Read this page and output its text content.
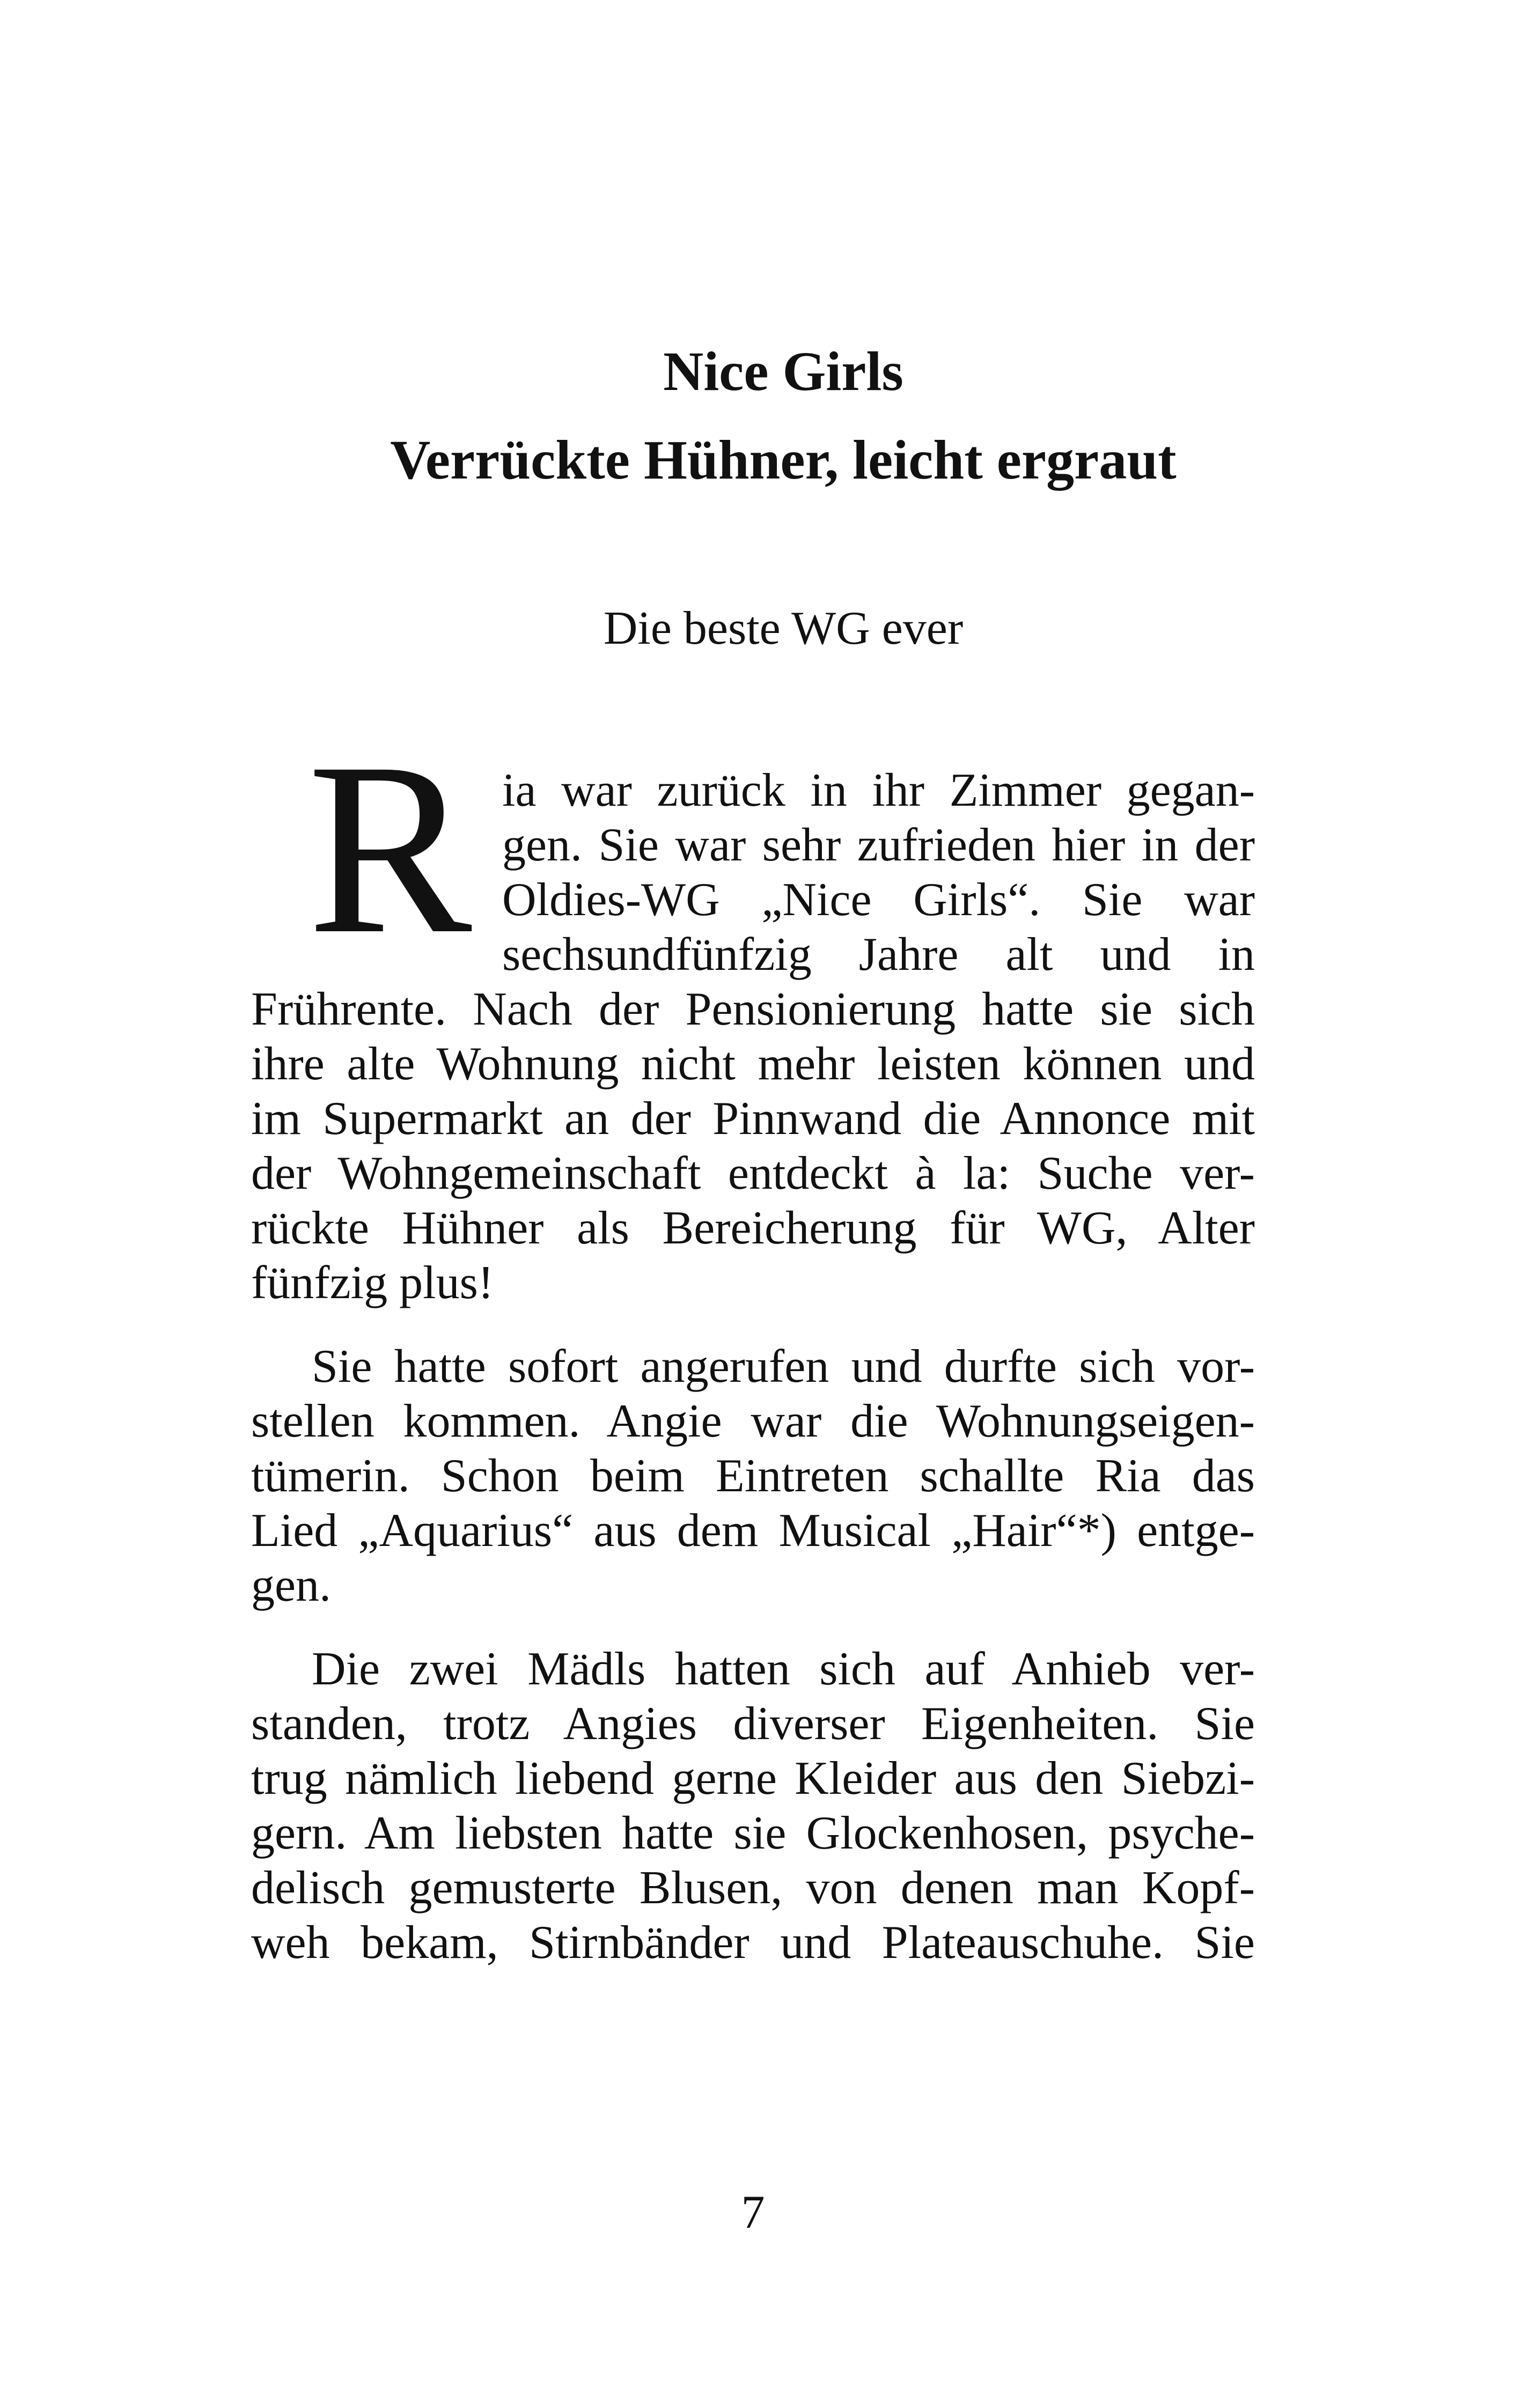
Nice Girls
Verrückte Hühner, leicht ergraut
Die beste WG ever
R ia war zurück in ihr Zimmer gegan-
gen. Sie war sehr zufrieden hier in der
Oldies-WG „Nice Girls“. Sie war
sechsundfünfzig Jahre alt und in
Frührente. Nach der Pensionierung hatte sie sich
ihre alte Wohnung nicht mehr leisten können und
im Supermarkt an der Pinnwand die Annonce mit
der Wohngemeinschaft entdeckt à la: Suche ver-
rückte Hühner als Bereicherung für WG, Alter
fünfzig plus!
Sie hatte sofort angerufen und durfte sich vor-
stellen kommen. Angie war die Wohnungseigen-
tümerin. Schon beim Eintreten schallte Ria das
Lied „Aquarius“ aus dem Musical „Hair“*) entge-
gen.
Die zwei Mädls hatten sich auf Anhieb ver-
standen, trotz Angies diverser Eigenheiten. Sie
trug nämlich liebend gerne Kleider aus den Siebzi-
gern. Am liebsten hatte sie Glockenhosen, psyche-
delisch gemusterte Blusen, von denen man Kopf-
weh bekam, Stirnbänder und Plateauschuhe. Sie
7
